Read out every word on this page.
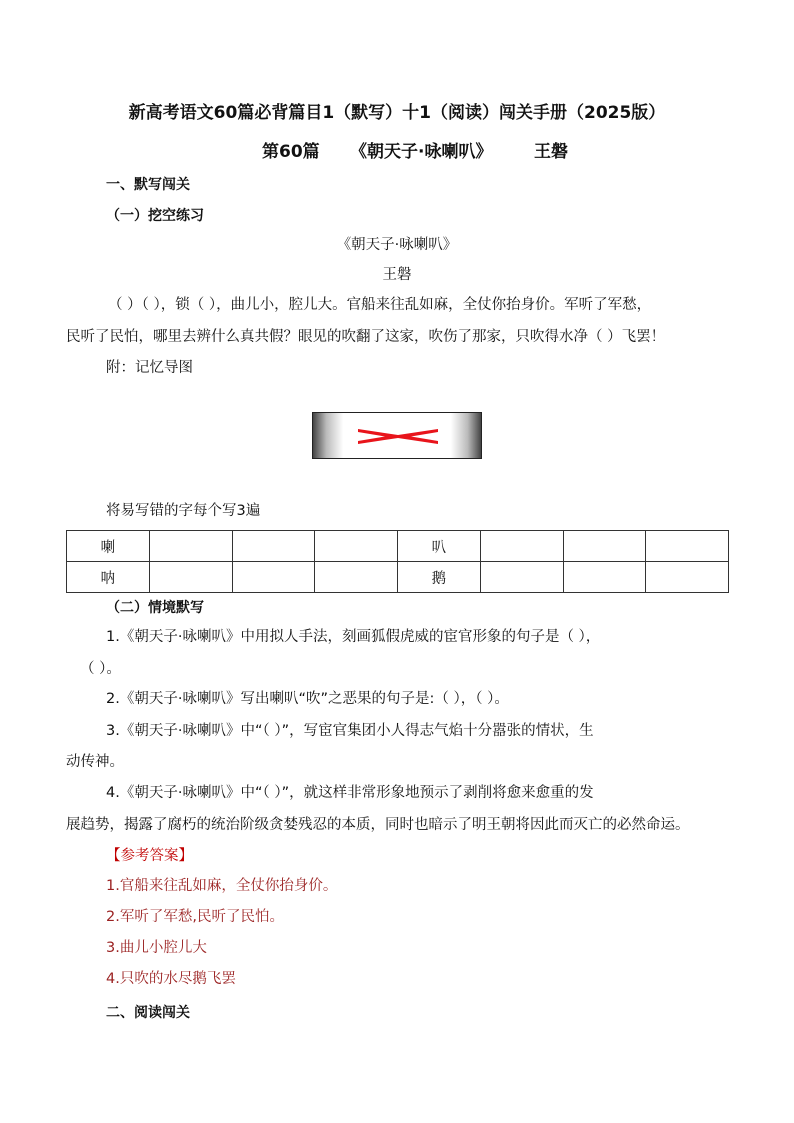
新高考语文60篇必背篇目1（默写）十1（阅读）闯关手册（2025版）
第60篇 《朝天子·咏喇叭》 王磐
一、默写闯关
（一）挖空练习
《朝天子·咏喇叭》
王磐
（ ）（ ），锁（ ），曲儿小，腔儿大。官船来往乱如麻，全仗你抬身价。军听了军愁，
民听了民怕，哪里去辨什么真共假？眼见的吹翻了这家，吹伤了那家，只吹得水净（ ）飞罢！
附：记忆导图
将易写错的字每个写3遍
喇				叭			
呐				鹅			
（二）情境默写
1.《朝天子·咏喇叭》中用拟人手法，刻画狐假虎威的宦官形象的句子是（ ），
（ ）。
2.《朝天子·咏喇叭》写出喇叭“吹”之恶果的句子是:（ ），（ ）。
3.《朝天子·咏喇叭》中“（ ）”，写宦官集团小人得志气焰十分嚣张的情状，生
动传神。
4.《朝天子·咏喇叭》中“（ ）”，就这样非常形象地预示了剥削将愈来愈重的发
展趋势，揭露了腐朽的统治阶级贪婪残忍的本质，同时也暗示了明王朝将因此而灭亡的必然命运。
【参考答案】
1.官船来往乱如麻，全仗你抬身价。
2.军听了军愁,民听了民怕。
3.曲儿小腔儿大
4.只吹的水尽鹅飞罢
二、阅读闯关
